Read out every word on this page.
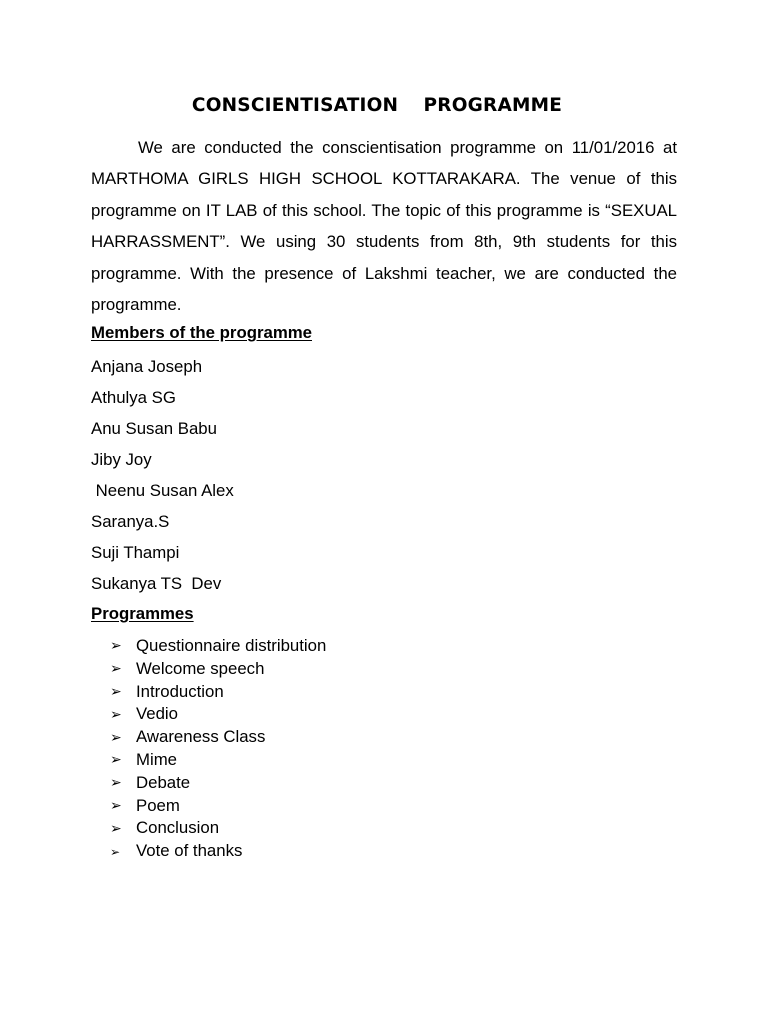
CONSCIENTISATION  PROGRAMME
We are conducted the conscientisation programme on 11/01/2016 at MARTHOMA GIRLS HIGH SCHOOL KOTTARAKARA. The venue of this programme on IT LAB of this school. The topic of this programme is “SEXUAL HARRASSMENT”. We using 30 students from 8th, 9th students for this programme. With the presence of Lakshmi teacher, we are conducted the programme.
Members of the programme
Anjana Joseph
Athulya SG
Anu Susan Babu
Jiby Joy
Neenu Susan Alex
Saranya.S
Suji Thampi
Sukanya TS  Dev
Programmes
➢ Questionnaire distribution
➢ Welcome speech
➢ Introduction
➢ Vedio
➢ Awareness Class
➢ Mime
➢ Debate
➢ Poem
➢ Conclusion
➢ Vote of thanks
